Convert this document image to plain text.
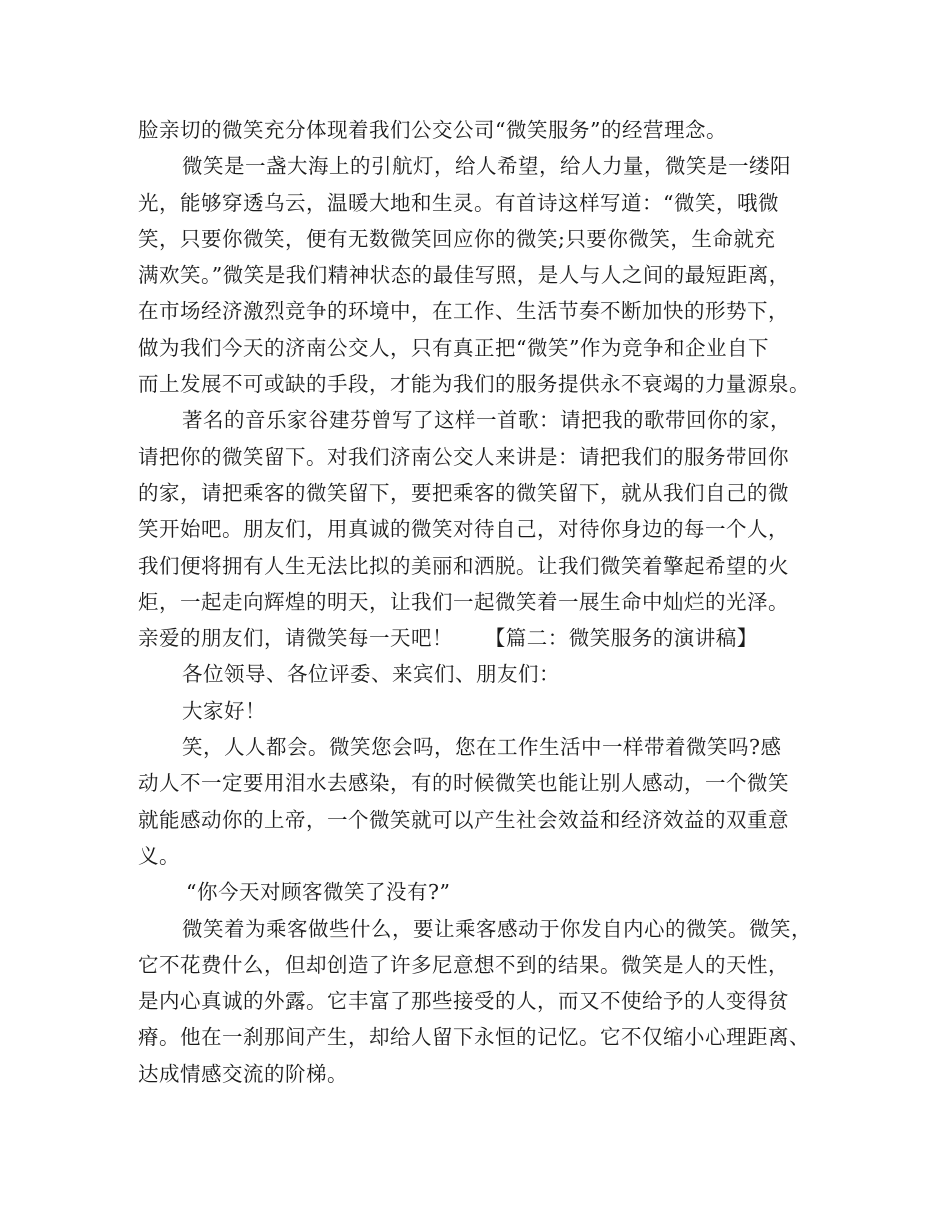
脸亲切的微笑充分体现着我们公交公司“微笑服务”的经营理念。
微笑是一盏大海上的引航灯，给人希望，给人力量，微笑是一缕阳
光，能够穿透乌云，温暖大地和生灵。有首诗这样写道：“微笑，哦微
笑，只要你微笑，便有无数微笑回应你的微笑;只要你微笑，生命就充
满欢笑。”微笑是我们精神状态的最佳写照，是人与人之间的最短距离，
在市场经济激烈竞争的环境中，在工作、生活节奏不断加快的形势下，
做为我们今天的济南公交人，只有真正把“微笑”作为竞争和企业自下
而上发展不可或缺的手段，才能为我们的服务提供永不衰竭的力量源泉。
著名的音乐家谷建芬曾写了这样一首歌：请把我的歌带回你的家，
请把你的微笑留下。对我们济南公交人来讲是：请把我们的服务带回你
的家，请把乘客的微笑留下，要把乘客的微笑留下，就从我们自己的微
笑开始吧。朋友们，用真诚的微笑对待自己，对待你身边的每一个人，
我们便将拥有人生无法比拟的美丽和洒脱。让我们微笑着擎起希望的火
炬，一起走向辉煌的明天，让我们一起微笑着一展生命中灿烂的光泽。
亲爱的朋友们，请微笑每一天吧！　　【篇二：微笑服务的演讲稿】
各位领导、各位评委、来宾们、朋友们：
大家好！
笑，人人都会。微笑您会吗，您在工作生活中一样带着微笑吗?感
动人不一定要用泪水去感染，有的时候微笑也能让别人感动，一个微笑
就能感动你的上帝，一个微笑就可以产生社会效益和经济效益的双重意
义。
“你今天对顾客微笑了没有?”
微笑着为乘客做些什么，要让乘客感动于你发自内心的微笑。微笑，
它不花费什么，但却创造了许多尼意想不到的结果。微笑是人的天性，
是内心真诚的外露。它丰富了那些接受的人，而又不使给予的人变得贫
瘠。他在一刹那间产生，却给人留下永恒的记忆。它不仅缩小心理距离、
达成情感交流的阶梯。
